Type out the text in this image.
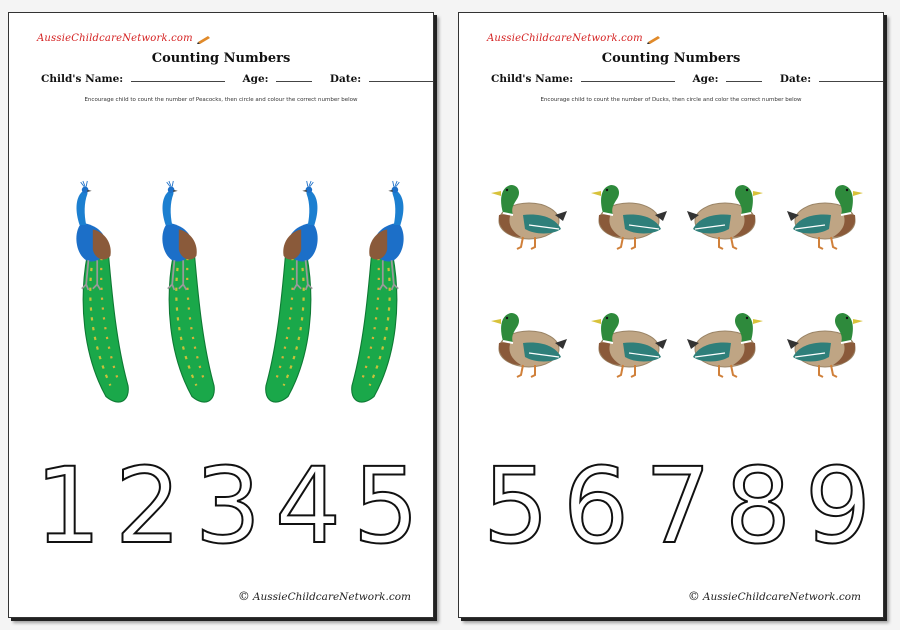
AussieChildcareNetwork.com
Counting Numbers
Child's Name:	Age:	Date:
Encourage child to count the number of Peacocks, then circle and colour the correct number below
1 2 3 4 5
© AussieChildcareNetwork.com
AussieChildcareNetwork.com
Counting Numbers
Child's Name:	Age:	Date:
Encourage child to count the number of Ducks, then circle and color the correct number below
5 6 7 8 9
© AussieChildcareNetwork.com
